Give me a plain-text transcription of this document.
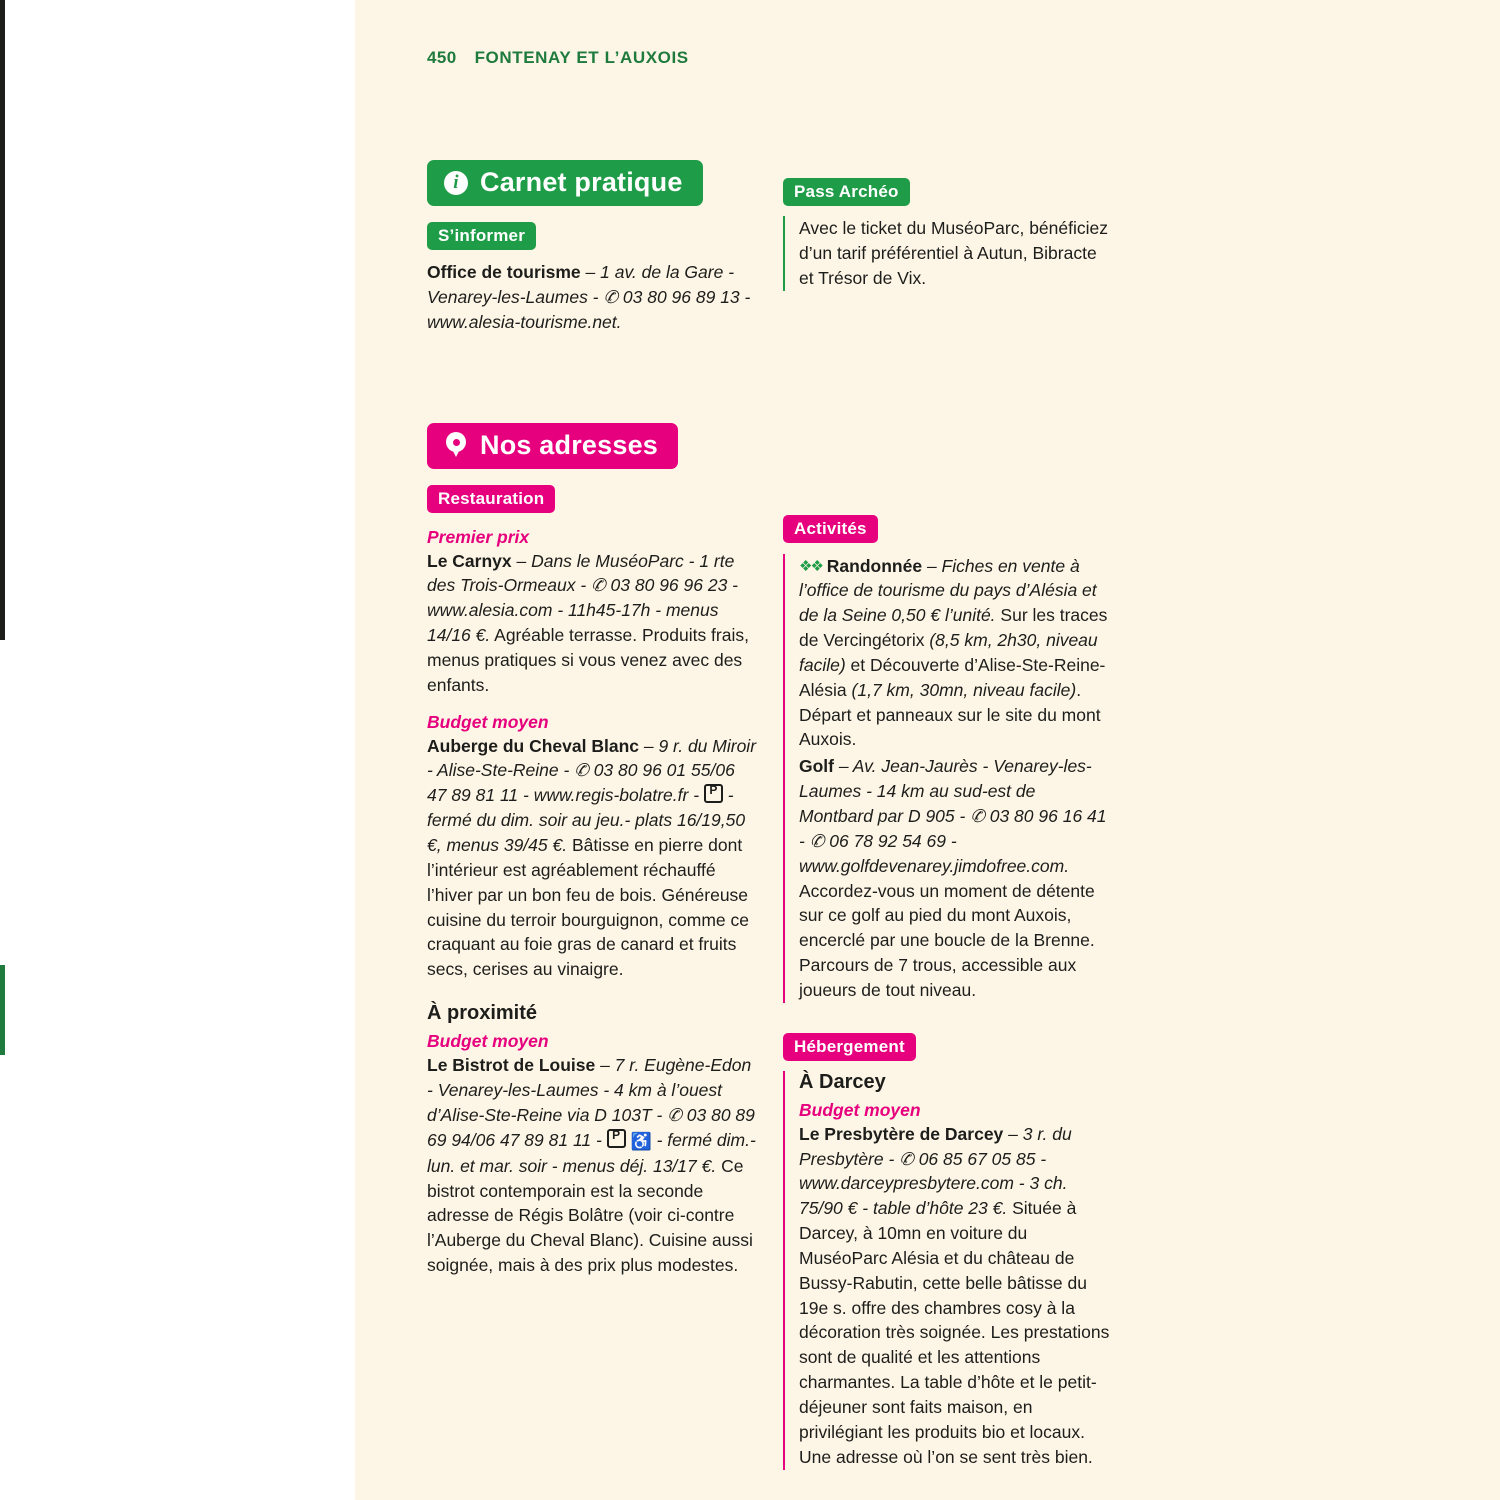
450 FONTENAY ET L’AUXOIS
i Carnet pratique
S’informer

Office de tourisme – 1 av. de la Gare - Venarey-les-Laumes - ✆ 03 80 96 89 13 - www.alesia-tourisme.net.

Nos adresses
Restauration

Premier prix

Le Carnyx – Dans le MuséoParc - 1 rte des Trois-Ormeaux - ✆ 03 80 96 96 23 - www.alesia.com - 11h45-17h - menus 14/16 €. Agréable terrasse. Produits frais, menus pratiques si vous venez avec des enfants.

Budget moyen

Auberge du Cheval Blanc – 9 r. du Miroir - Alise-Ste-Reine - ✆ 03 80 96 01 55/06 47 89 81 11 - www.regis-bolatre.fr -  - fermé du dim. soir au jeu.- plats 16/19,50 €, menus 39/45 €. Bâtisse en pierre dont l’intérieur est agréablement réchauffé l’hiver par un bon feu de bois. Généreuse cuisine du terroir bourguignon, comme ce craquant au foie gras de canard et fruits secs, cerises au vinaigre.

À proximité

Budget moyen

Le Bistrot de Louise – 7 r. Eugène-Edon - Venarey-les-Laumes - 4 km à l’ouest d’Alise-Ste-Reine via D 103T - ✆ 03 80 89 69 94/06 47 89 81 11 -  ♿ - fermé dim.-lun. et mar. soir - menus déj. 13/17 €. Ce bistrot contemporain est la seconde adresse de Régis Bolâtre (voir ci-contre l’Auberge du Cheval Blanc). Cuisine aussi soignée, mais à des prix plus modestes.

Pass Archéo

Avec le ticket du MuséoParc, bénéficiez d’un tarif préférentiel à Autun, Bibracte et Trésor de Vix.

Activités

❖❖ Randonnée – Fiches en vente à l’office de tourisme du pays d’Alésia et de la Seine 0,50 € l’unité. Sur les traces de Vercingétorix (8,5 km, 2h30, niveau facile) et Découverte d’Alise-Ste-Reine-Alésia (1,7 km, 30mn, niveau facile). Départ et panneaux sur le site du mont Auxois.

Golf – Av. Jean-Jaurès - Venarey-les-Laumes - 14 km au sud-est de Montbard par D 905 - ✆ 03 80 96 16 41 - ✆ 06 78 92 54 69 - www.golfdevenarey.jimdofree.com. Accordez-vous un moment de détente sur ce golf au pied du mont Auxois, encerclé par une boucle de la Brenne. Parcours de 7 trous, accessible aux joueurs de tout niveau.

Hébergement

À Darcey

Budget moyen

Le Presbytère de Darcey – 3 r. du Presbytère - ✆ 06 85 67 05 85 - www.darceypresbytere.com - 3 ch. 75/90 € - table d’hôte 23 €. Située à Darcey, à 10mn en voiture du MuséoParc Alésia et du château de Bussy-Rabutin, cette belle bâtisse du 19e s. offre des chambres cosy à la décoration très soignée. Les prestations sont de qualité et les attentions charmantes. La table d’hôte et le petit-déjeuner sont faits maison, en privilégiant les produits bio et locaux. Une adresse où l’on se sent très bien.
